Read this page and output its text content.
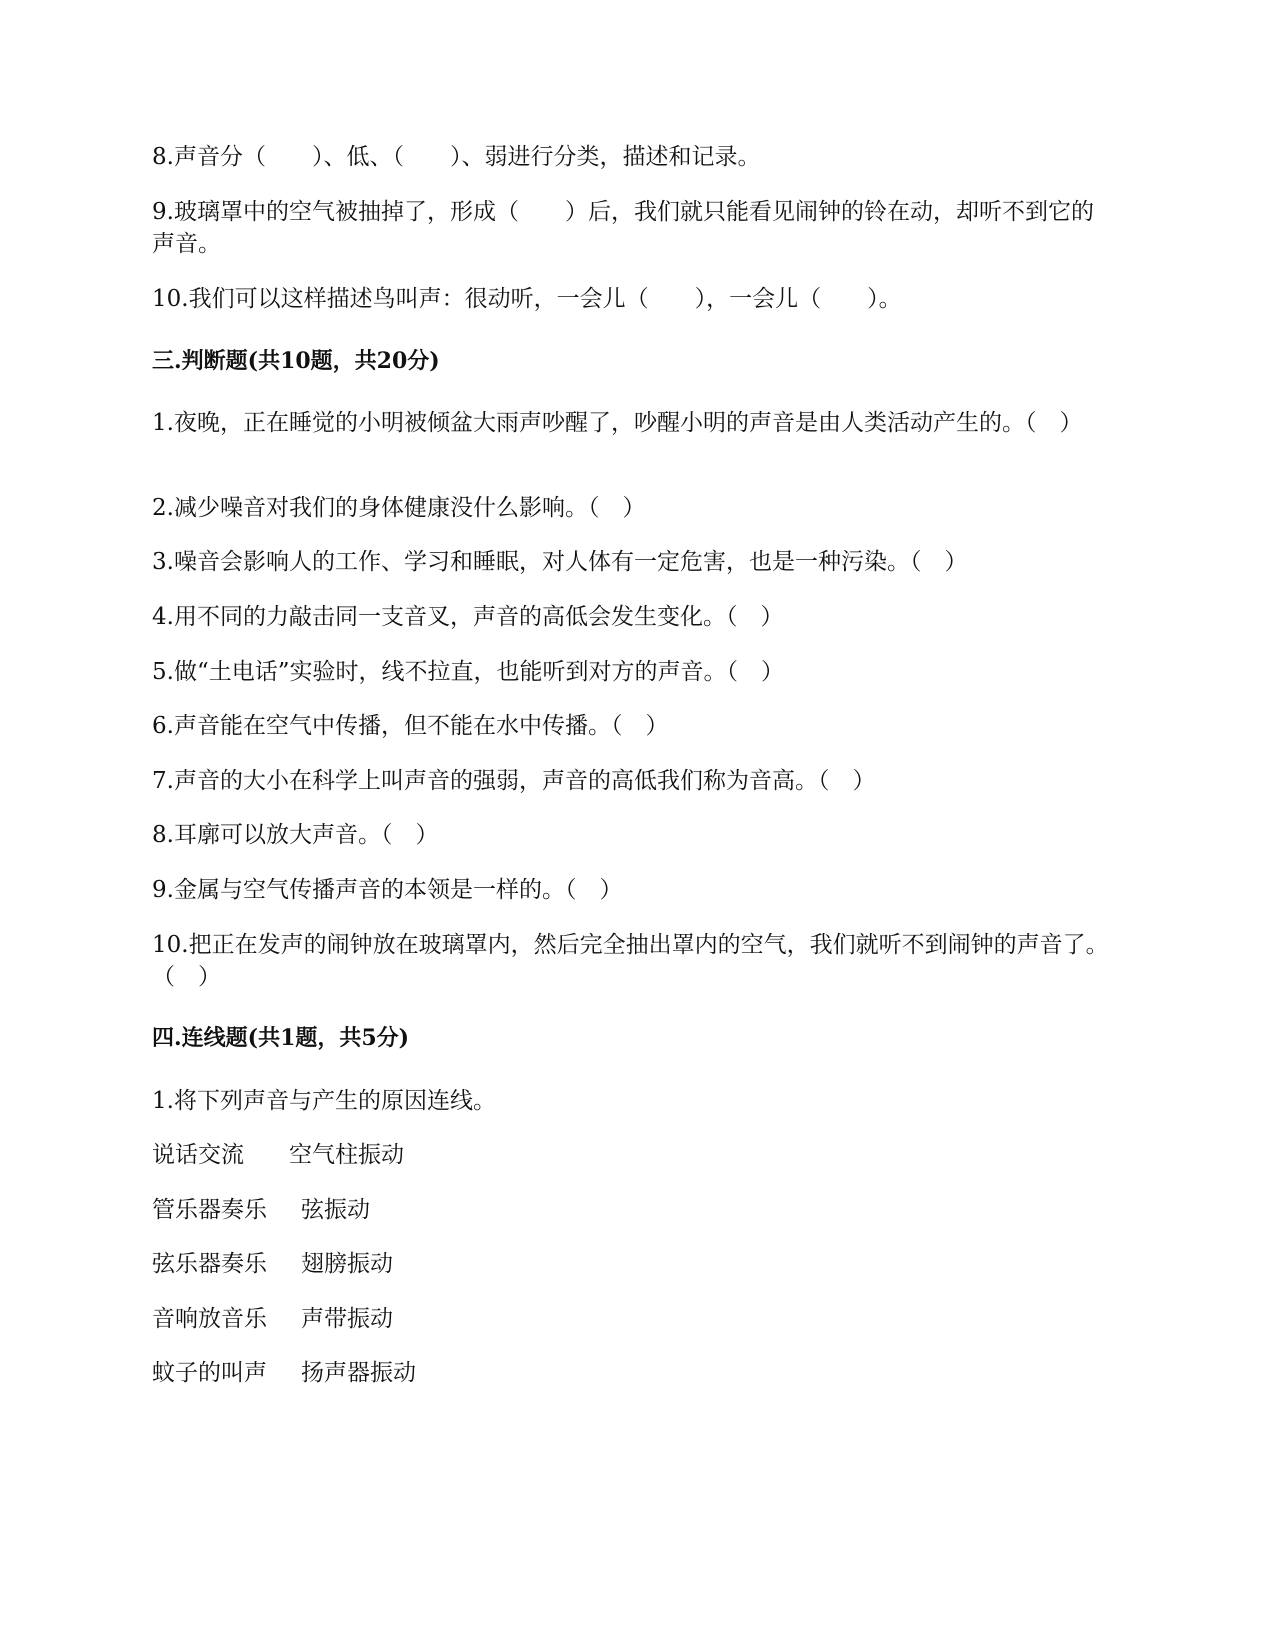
8.声音分（　　）、低、（　　）、弱进行分类，描述和记录。
9.玻璃罩中的空气被抽掉了，形成（　　）后，我们就只能看见闹钟的铃在动，却听不到它的声音。
10.我们可以这样描述鸟叫声：很动听，一会儿（　　），一会儿（　　）。
三.判断题(共10题，共20分)
1.夜晚，正在睡觉的小明被倾盆大雨声吵醒了，吵醒小明的声音是由人类活动产生的。（　）
2.减少噪音对我们的身体健康没什么影响。（　）
3.噪音会影响人的工作、学习和睡眠，对人体有一定危害，也是一种污染。（　）
4.用不同的力敲击同一支音叉，声音的高低会发生变化。（　）
5.做“土电话”实验时，线不拉直，也能听到对方的声音。（　）
6.声音能在空气中传播，但不能在水中传播。（　）
7.声音的大小在科学上叫声音的强弱，声音的高低我们称为音高。（　）
8.耳廓可以放大声音。（　）
9.金属与空气传播声音的本领是一样的。（　）
10.把正在发声的闹钟放在玻璃罩内，然后完全抽出罩内的空气，我们就听不到闹钟的声音了。（　）
四.连线题(共1题，共5分)
1.将下列声音与产生的原因连线。
说话交流 空气柱振动
管乐器奏乐 弦振动
弦乐器奏乐 翅膀振动
音响放音乐 声带振动
蚊子的叫声 扬声器振动
